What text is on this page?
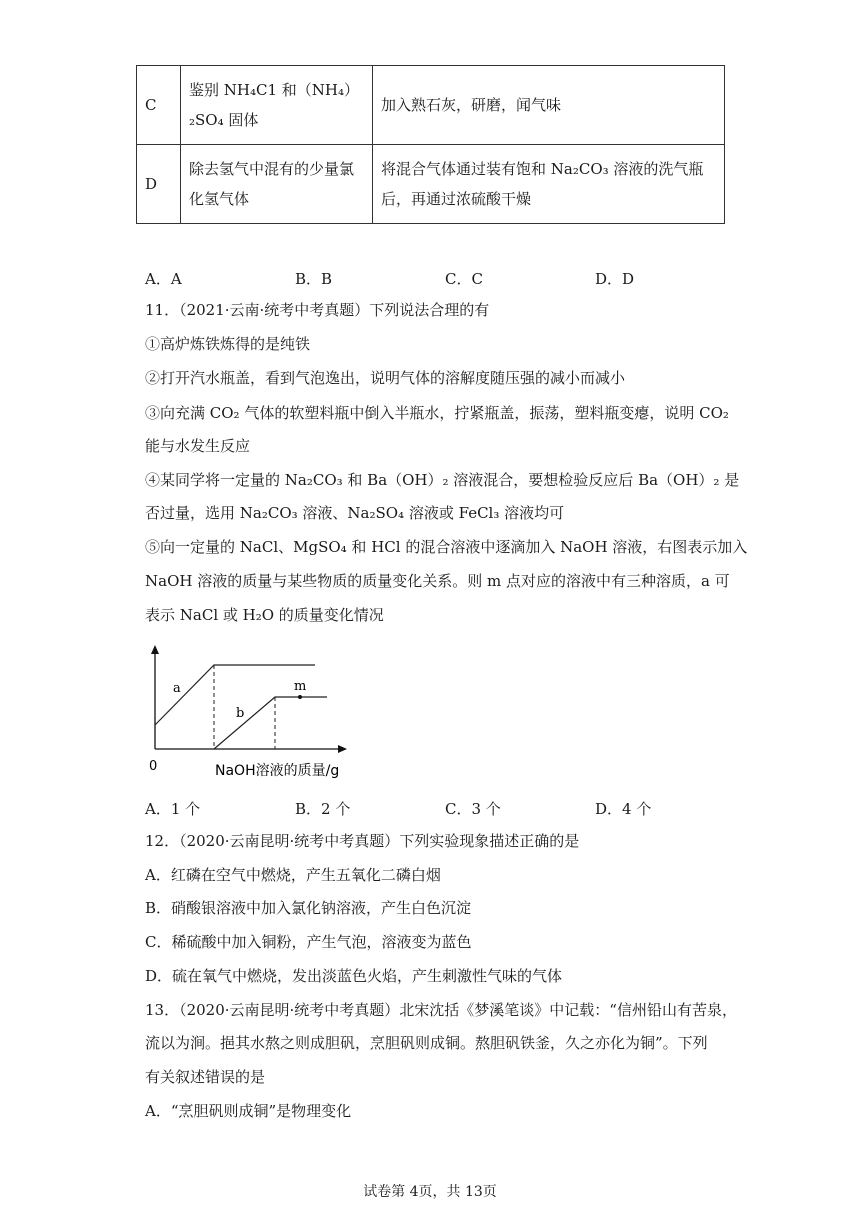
C	鉴别 NH₄C1 和（NH₄）₂SO₄ 固体	加入熟石灰，研磨，闻气味
D	除去氢气中混有的少量氯化氢气体	将混合气体通过装有饱和 Na₂CO₃ 溶液的洗气瓶后，再通过浓硫酸干燥
A．A	B．B	C．C	D．D
11．（2021·云南·统考中考真题）下列说法合理的有
①高炉炼铁炼得的是纯铁
②打开汽水瓶盖，看到气泡逸出，说明气体的溶解度随压强的减小而减小
③向充满 CO₂ 气体的软塑料瓶中倒入半瓶水，拧紧瓶盖，振荡，塑料瓶变瘪，说明 CO₂
能与水发生反应
④某同学将一定量的 Na₂CO₃ 和 Ba（OH）₂ 溶液混合，要想检验反应后 Ba（OH）₂ 是
否过量，选用 Na₂CO₃ 溶液、Na₂SO₄ 溶液或 FeCl₃ 溶液均可
⑤向一定量的 NaCl、MgSO₄ 和 HCl 的混合溶液中逐滴加入 NaOH 溶液，右图表示加入
NaOH 溶液的质量与某些物质的质量变化关系。则 m 点对应的溶液中有三种溶质，a 可
表示 NaCl 或 H₂O 的质量变化情况
a
b
m
0	NaOH溶液的质量/g
A．1 个	B．2 个	C．3 个	D．4 个
12．（2020·云南昆明·统考中考真题）下列实验现象描述正确的是
A．红磷在空气中燃烧，产生五氧化二磷白烟
B．硝酸银溶液中加入氯化钠溶液，产生白色沉淀
C．稀硫酸中加入铜粉，产生气泡，溶液变为蓝色
D．硫在氧气中燃烧，发出淡蓝色火焰，产生刺激性气味的气体
13．（2020·云南昆明·统考中考真题）北宋沈括《梦溪笔谈》中记载：“信州铅山有苦泉，
流以为涧。挹其水熬之则成胆矾，烹胆矾则成铜。熬胆矾铁釜，久之亦化为铜”。下列
有关叙述错误的是
A．“烹胆矾则成铜”是物理变化
试卷第 4页，共 13页
